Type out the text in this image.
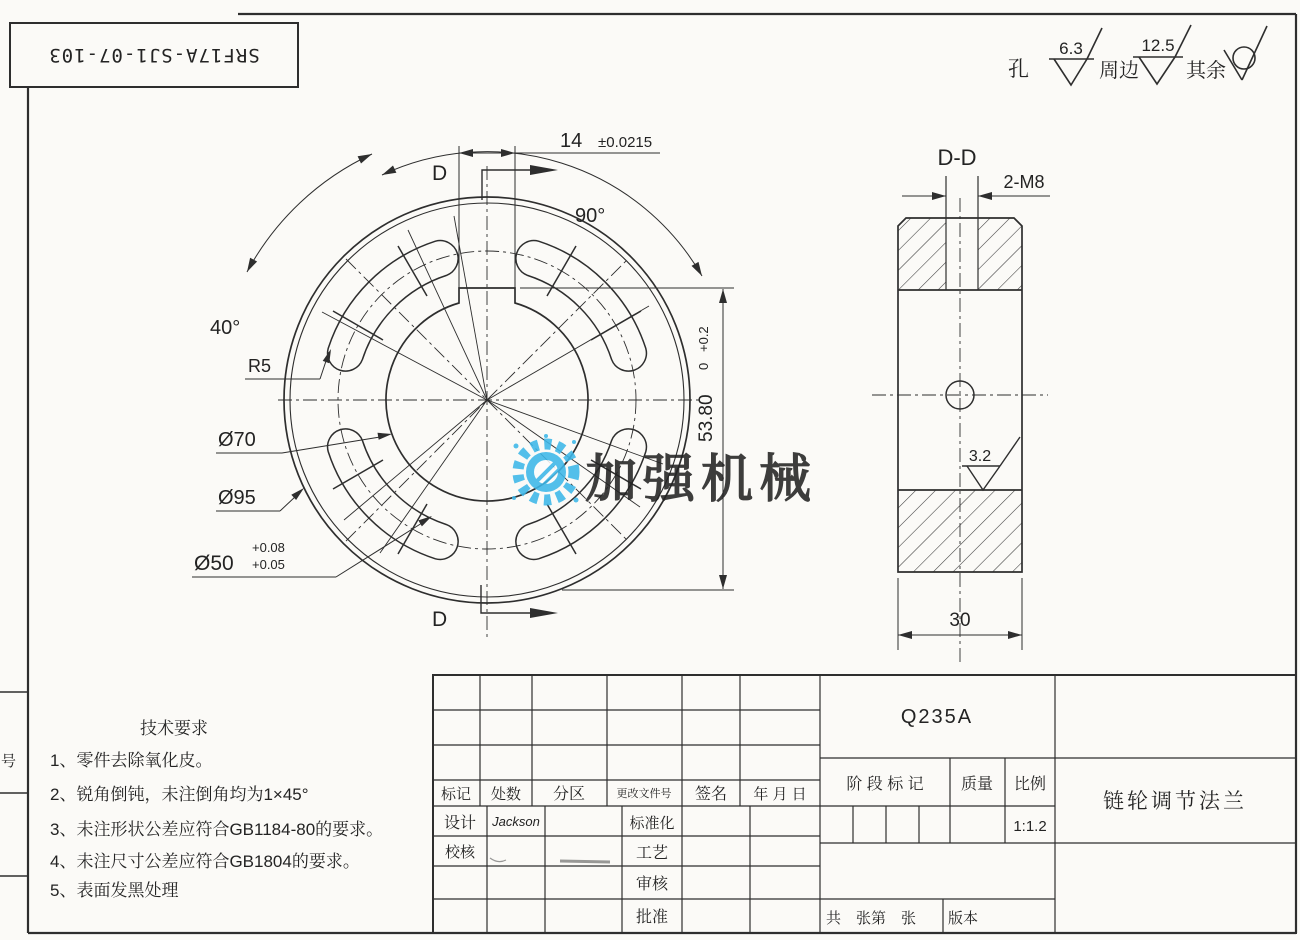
号
SRF17A-SJ1-07-103
孔
6.3
周边
12.5
其余
14 ±0.0215
D
D
90°
40°
R5
Ø70
Ø95
Ø50
+0.08
+0.05
53.80
+0.2
0
D-D
2-M8
3.2
30
加强机械
技术要求
1、零件去除氧化皮。
2、锐角倒钝，未注倒角均为1×45°
3、未注形状公差应符合GB1184-80的要求。
4、未注尺寸公差应符合GB1804的要求。
5、表面发黑处理
标记 处数 分区	更改文件号 签名 年 月 日
设计 Jackson
校核
标准化
工艺
审核
批准
Q235A
阶 段 标 记 质量 比例
1:1.2
共　张第　张 版本
链轮调节法兰
